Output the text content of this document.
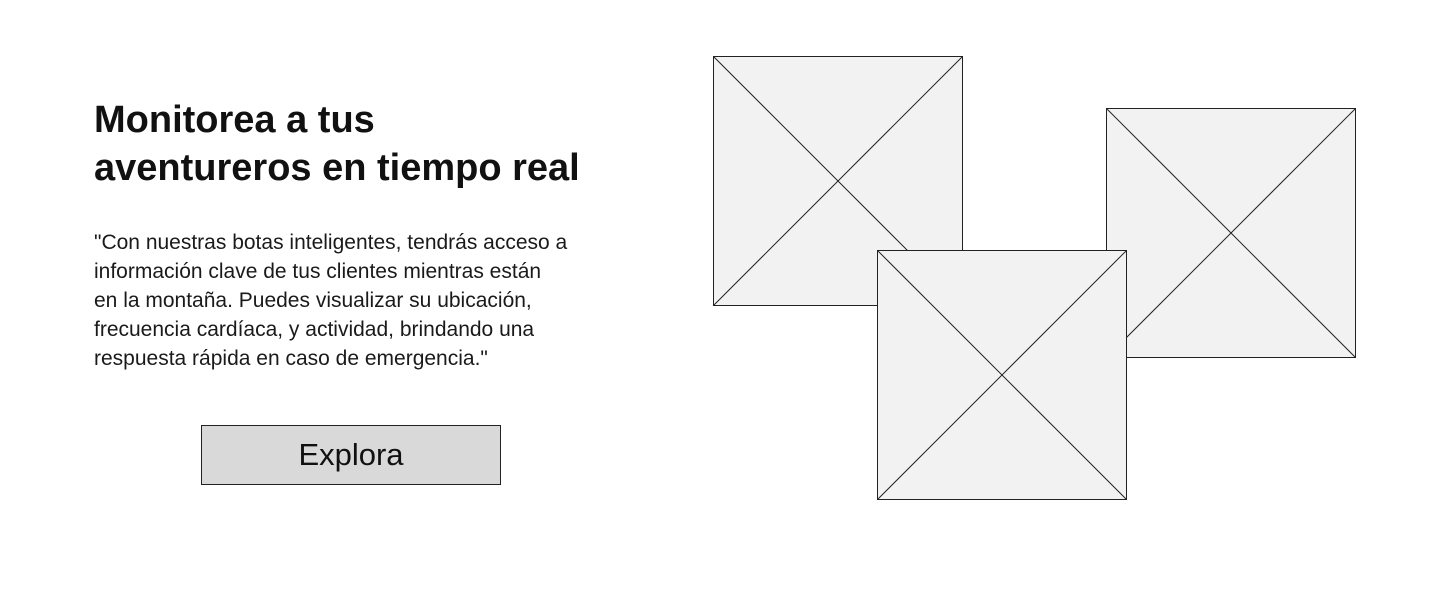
Monitorea a tus
aventureros en tiempo real

"Con nuestras botas inteligentes, tendrás acceso a
información clave de tus clientes mientras están
en la montaña. Puedes visualizar su ubicación,
frecuencia cardíaca, y actividad, brindando una
respuesta rápida en caso de emergencia."

Explora
